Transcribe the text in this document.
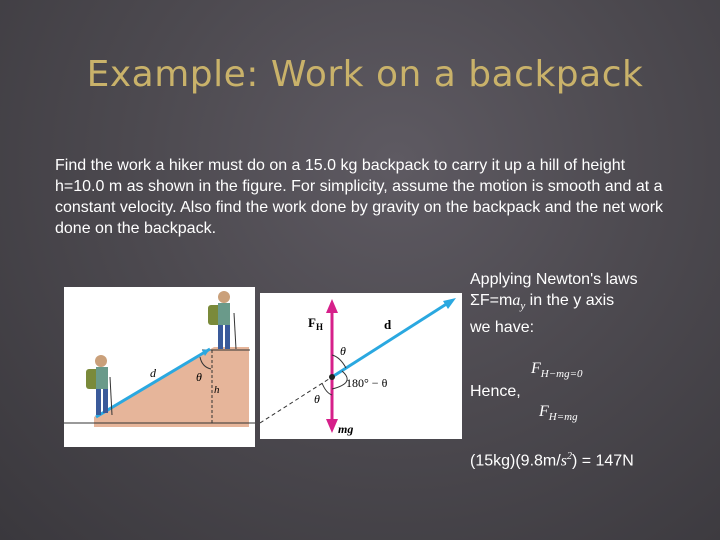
Example: Work on a backpack

Find the work a hiker must do on a 15.0 kg backpack to carry it up a hill of height h=10.0 m as shown in the figure. For simplicity, assume the motion is smooth and at a constant velocity. Also find the work done by gravity on the backpack and the net work done on the backpack.

d	θ
h
$F_H$	d
θ
180° − θ
θ
mg
Applying Newton's laws
$\Sigma F=ma_y$ in the y axis
we have:
$F_{H-mg=0}$
Hence,
$F_{H=mg}$
$(15kg)(9.8m/s^2) = 147N$
